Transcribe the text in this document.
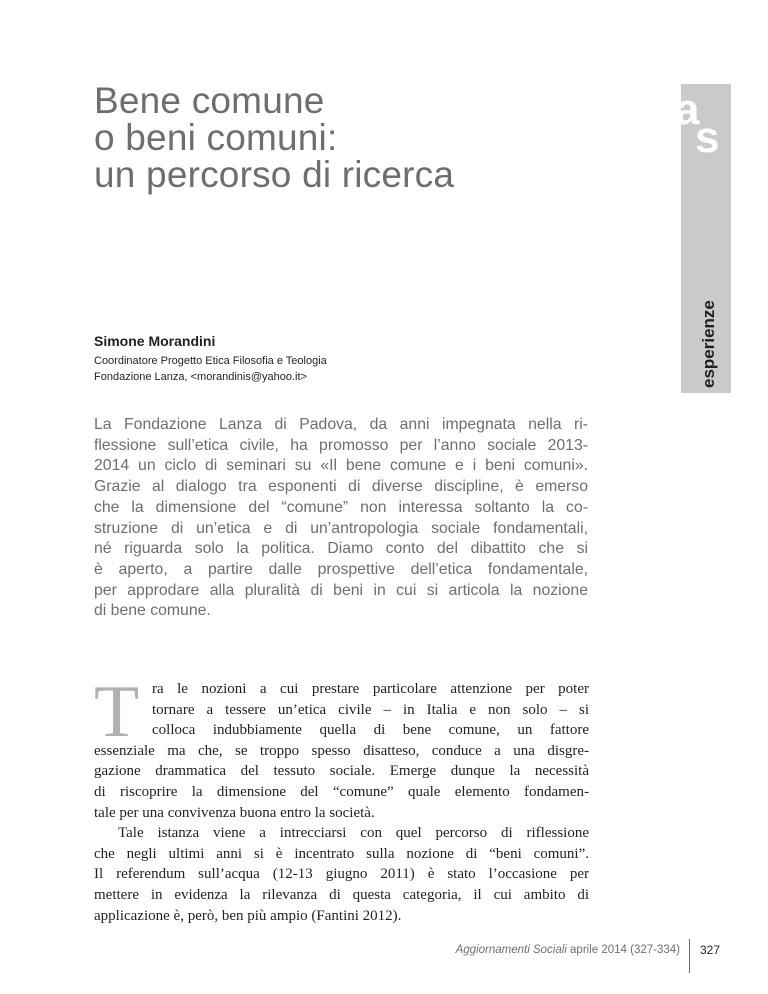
Bene comune
o beni comuni:
un percorso di ricerca
a
s
esperienze

Simone Morandini

Coordinatore Progetto Etica Filosofia e Teologia

Fondazione Lanza, <morandinis@yahoo.it>

La Fondazione Lanza di Padova, da anni impegnata nella ri-
flessione sull’etica civile, ha promosso per l’anno sociale 2013-
2014 un ciclo di seminari su «Il bene comune e i beni comuni».
Grazie al dialogo tra esponenti di diverse discipline, è emerso
che la dimensione del “comune” non interessa soltanto la co-
struzione di un’etica e di un’antropologia sociale fondamentali,
né riguarda solo la politica. Diamo conto del dibattito che si
è aperto, a partire dalle prospettive dell’etica fondamentale,
per approdare alla pluralità di beni in cui si articola la nozione
di bene comune.
T ra le nozioni a cui prestare particolare attenzione per poter
tornare a tessere un’etica civile – in Italia e non solo – si
colloca indubbiamente quella di bene comune, un fattore
essenziale ma che, se troppo spesso disatteso, conduce a una disgre-
gazione drammatica del tessuto sociale. Emerge dunque la necessità
di riscoprire la dimensione del “comune” quale elemento fondamen-
tale per una convivenza buona entro la società.
Tale istanza viene a intrecciarsi con quel percorso di riflessione
che negli ultimi anni si è incentrato sulla nozione di “beni comuni”.
Il referendum sull’acqua (12-13 giugno 2011) è stato l’occasione per
mettere in evidenza la rilevanza di questa categoria, il cui ambito di
applicazione è, però, ben più ampio (Fantini 2012).

Aggiornamenti Sociali aprile 2014 (327-334) 327
